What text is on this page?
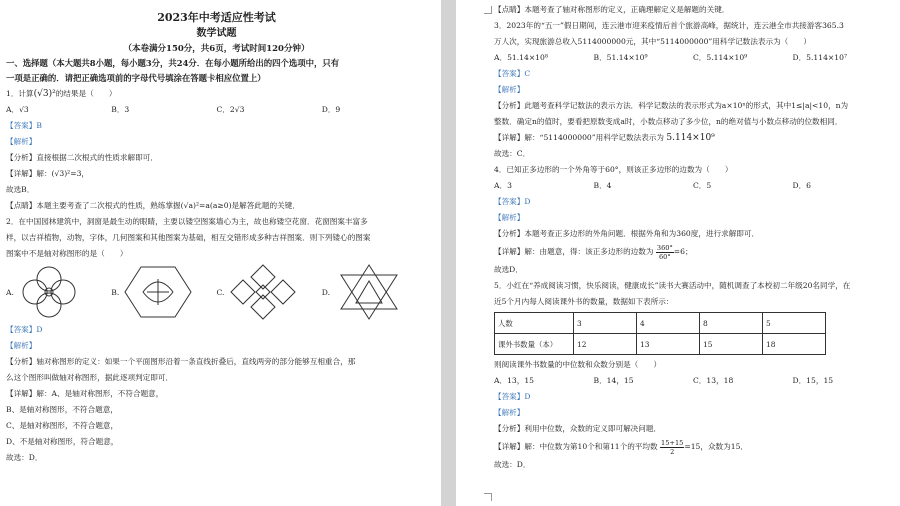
2023年中考适应性考试
数学试题
（本卷满分150分，共6页，考试时间120分钟）
一、选择题（本大题共8小题，每小题3分，共24分．在每小题所给出的四个选项中，只有
一项是正确的．请把正确选项前的字母代号填涂在答题卡相应位置上）
1．计算(√3)²的结果是（　　）
A．√3	B．3	C．2√3	D．9
【答案】B
【解析】
【分析】直接根据二次根式的性质求解即可．
【详解】解：(√3)²=3，
故选B．
【点睛】本题主要考查了二次根式的性质，熟练掌握(√a)²=a(a≥0)是解答此题的关键．
2．在中国园林建筑中，洞窗是最生动的眼睛，主要以镂空图案墙心为主，故也称镂空花窗．花窗图案丰富多
样，以吉祥植物，动物，字体，几何图案和其他图案为基础，相互交错形成多种吉祥图案．则下列镂心的图案
图案中不是轴对称图形的是（　　）
A.	B.	C.	D.
【答案】D
【解析】
【分析】轴对称图形的定义：如果一个平面图形沿着一条直线折叠后，直线两旁的部分能够互相重合，那
么这个图形叫做轴对称图形，据此逐项判定即可．
【详解】解：A、是轴对称图形，不符合题意，
B、是轴对称图形，不符合题意，
C、是轴对称图形，不符合题意，
D、不是轴对称图形，符合题意，
故选：D．
【点睛】本题考查了轴对称图形的定义，正确理解定义是解题的关键．
3．2023年的“五一”假日期间，连云港市迎来疫情后首个旅游高峰，据统计，连云港全市共接游客365.3
万人次，实现旅游总收入5114000000元，其中“5114000000”用科学记数法表示为（　　）
A．51.14×10⁸	B．51.14×10⁹	C．5.114×10⁹	D．5.114×10⁷
【答案】C
【解析】
【分析】此题考查科学记数法的表示方法．科学记数法的表示形式为a×10ⁿ的形式，其中1≤|a|<10，n为
整数．确定n的值时，要看把原数变成a时，小数点移动了多少位，n的绝对值与小数点移动的位数相同．
【详解】解：“5114000000”用科学记数法表示为 5.114×10⁹
故选：C．
4．已知正多边形的一个外角等于60°，则该正多边形的边数为（　　）
A．3	B．4	C．5	D．6
【答案】D
【解析】
【分析】本题考查正多边形的外角问题．根据外角和为360度，进行求解即可．
【详解】解：由题意，得：该正多边形的边数为 $\frac{360^\circ}{60^\circ}=6$；
故选D．
5．小红在“养成阅读习惯，快乐阅读，健康成长”读书大赛活动中，随机调查了本校初二年级20名同学，在
近5个月内每人阅读课外书的数量，数据如下表所示：
人数	3	4	8	5
课外书数量（本）	12	13	15	18
则阅读课外书数量的中位数和众数分别是（　　）
A．13，15	B．14，15	C．13，18	D．15，15
【答案】D
【解析】
【分析】利用中位数，众数的定义即可解决问题．
【详解】解：中位数为第10个和第11个的平均数 $\frac{15+15}{2}=15$，众数为15．
故选：D．
